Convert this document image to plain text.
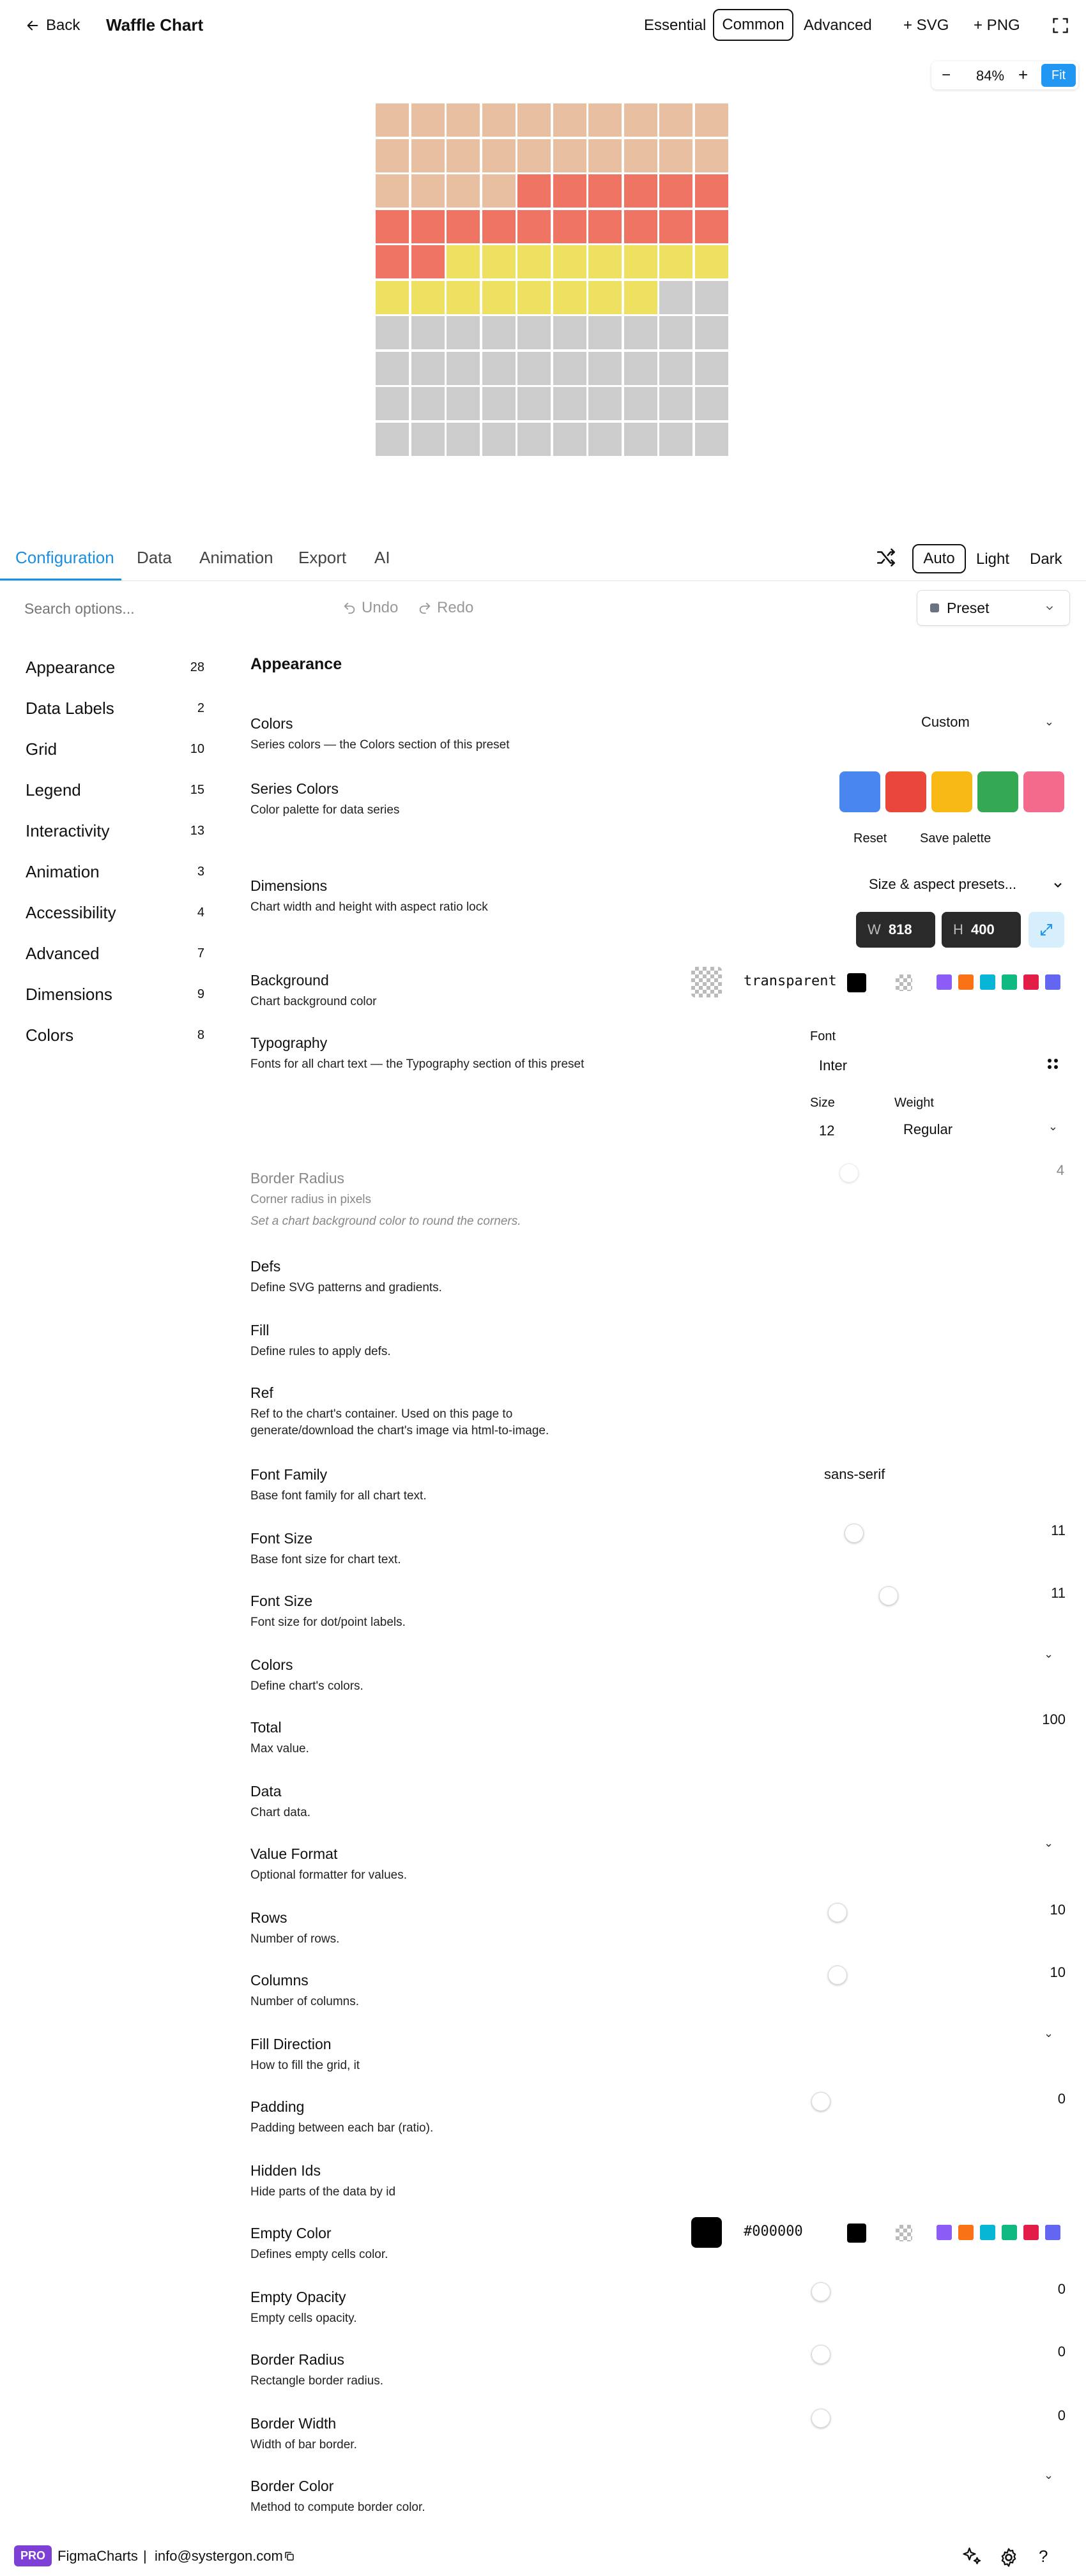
Back Waffle Chart	Essential	Common	Advanced + SVG + PNG
−	84% +	Fit
Configuration Data Animation Export AI	Auto	Light Dark
Search options...
Undo	Redo	Preset
Appearance	28
Data Labels	2
Grid	10
Legend	15
Interactivity	13
Animation	3
Accessibility	4
Advanced	7
Dimensions	9
Colors	8
Appearance
Colors
Series colors — the Colors section of this preset
Custom	⌄
Series Colors
Color palette for data series
Reset	Save palette
Dimensions
Chart width and height with aspect ratio lock
Size & aspect presets...
W 818	H 400
Background
Chart background color
transparent
Typography
Fonts for all chart text — the Typography section of this preset
Font
Inter
Size
12
Weight
Regular	⌄
Border Radius
Corner radius in pixels
Set a chart background color to round the corners.
4
Defs
Define SVG patterns and gradients.
Fill
Define rules to apply defs.
Ref
Ref to the chart's container. Used on this page to generate/download the chart's image via html-to-image.
Font Family
Base font family for all chart text.
sans-serif
Font Size
Base font size for chart text.
11
Font Size
Font size for dot/point labels.
11
Colors
Define chart's colors.
⌄
Total
Max value.
100
Data
Chart data.
Value Format
Optional formatter for values.
⌄
Rows
Number of rows.
10
Columns
Number of columns.
10
Fill Direction
How to fill the grid, it
⌄
Padding
Padding between each bar (ratio).
0
Hidden Ids
Hide parts of the data by id
Empty Color
Defines empty cells color.
#000000
Empty Opacity
Empty cells opacity.
0
Border Radius
Rectangle border radius.
0
Border Width
Width of bar border.
0
Border Color
Method to compute border color.
⌄
PRO FigmaCharts | info@systergon.com	?
